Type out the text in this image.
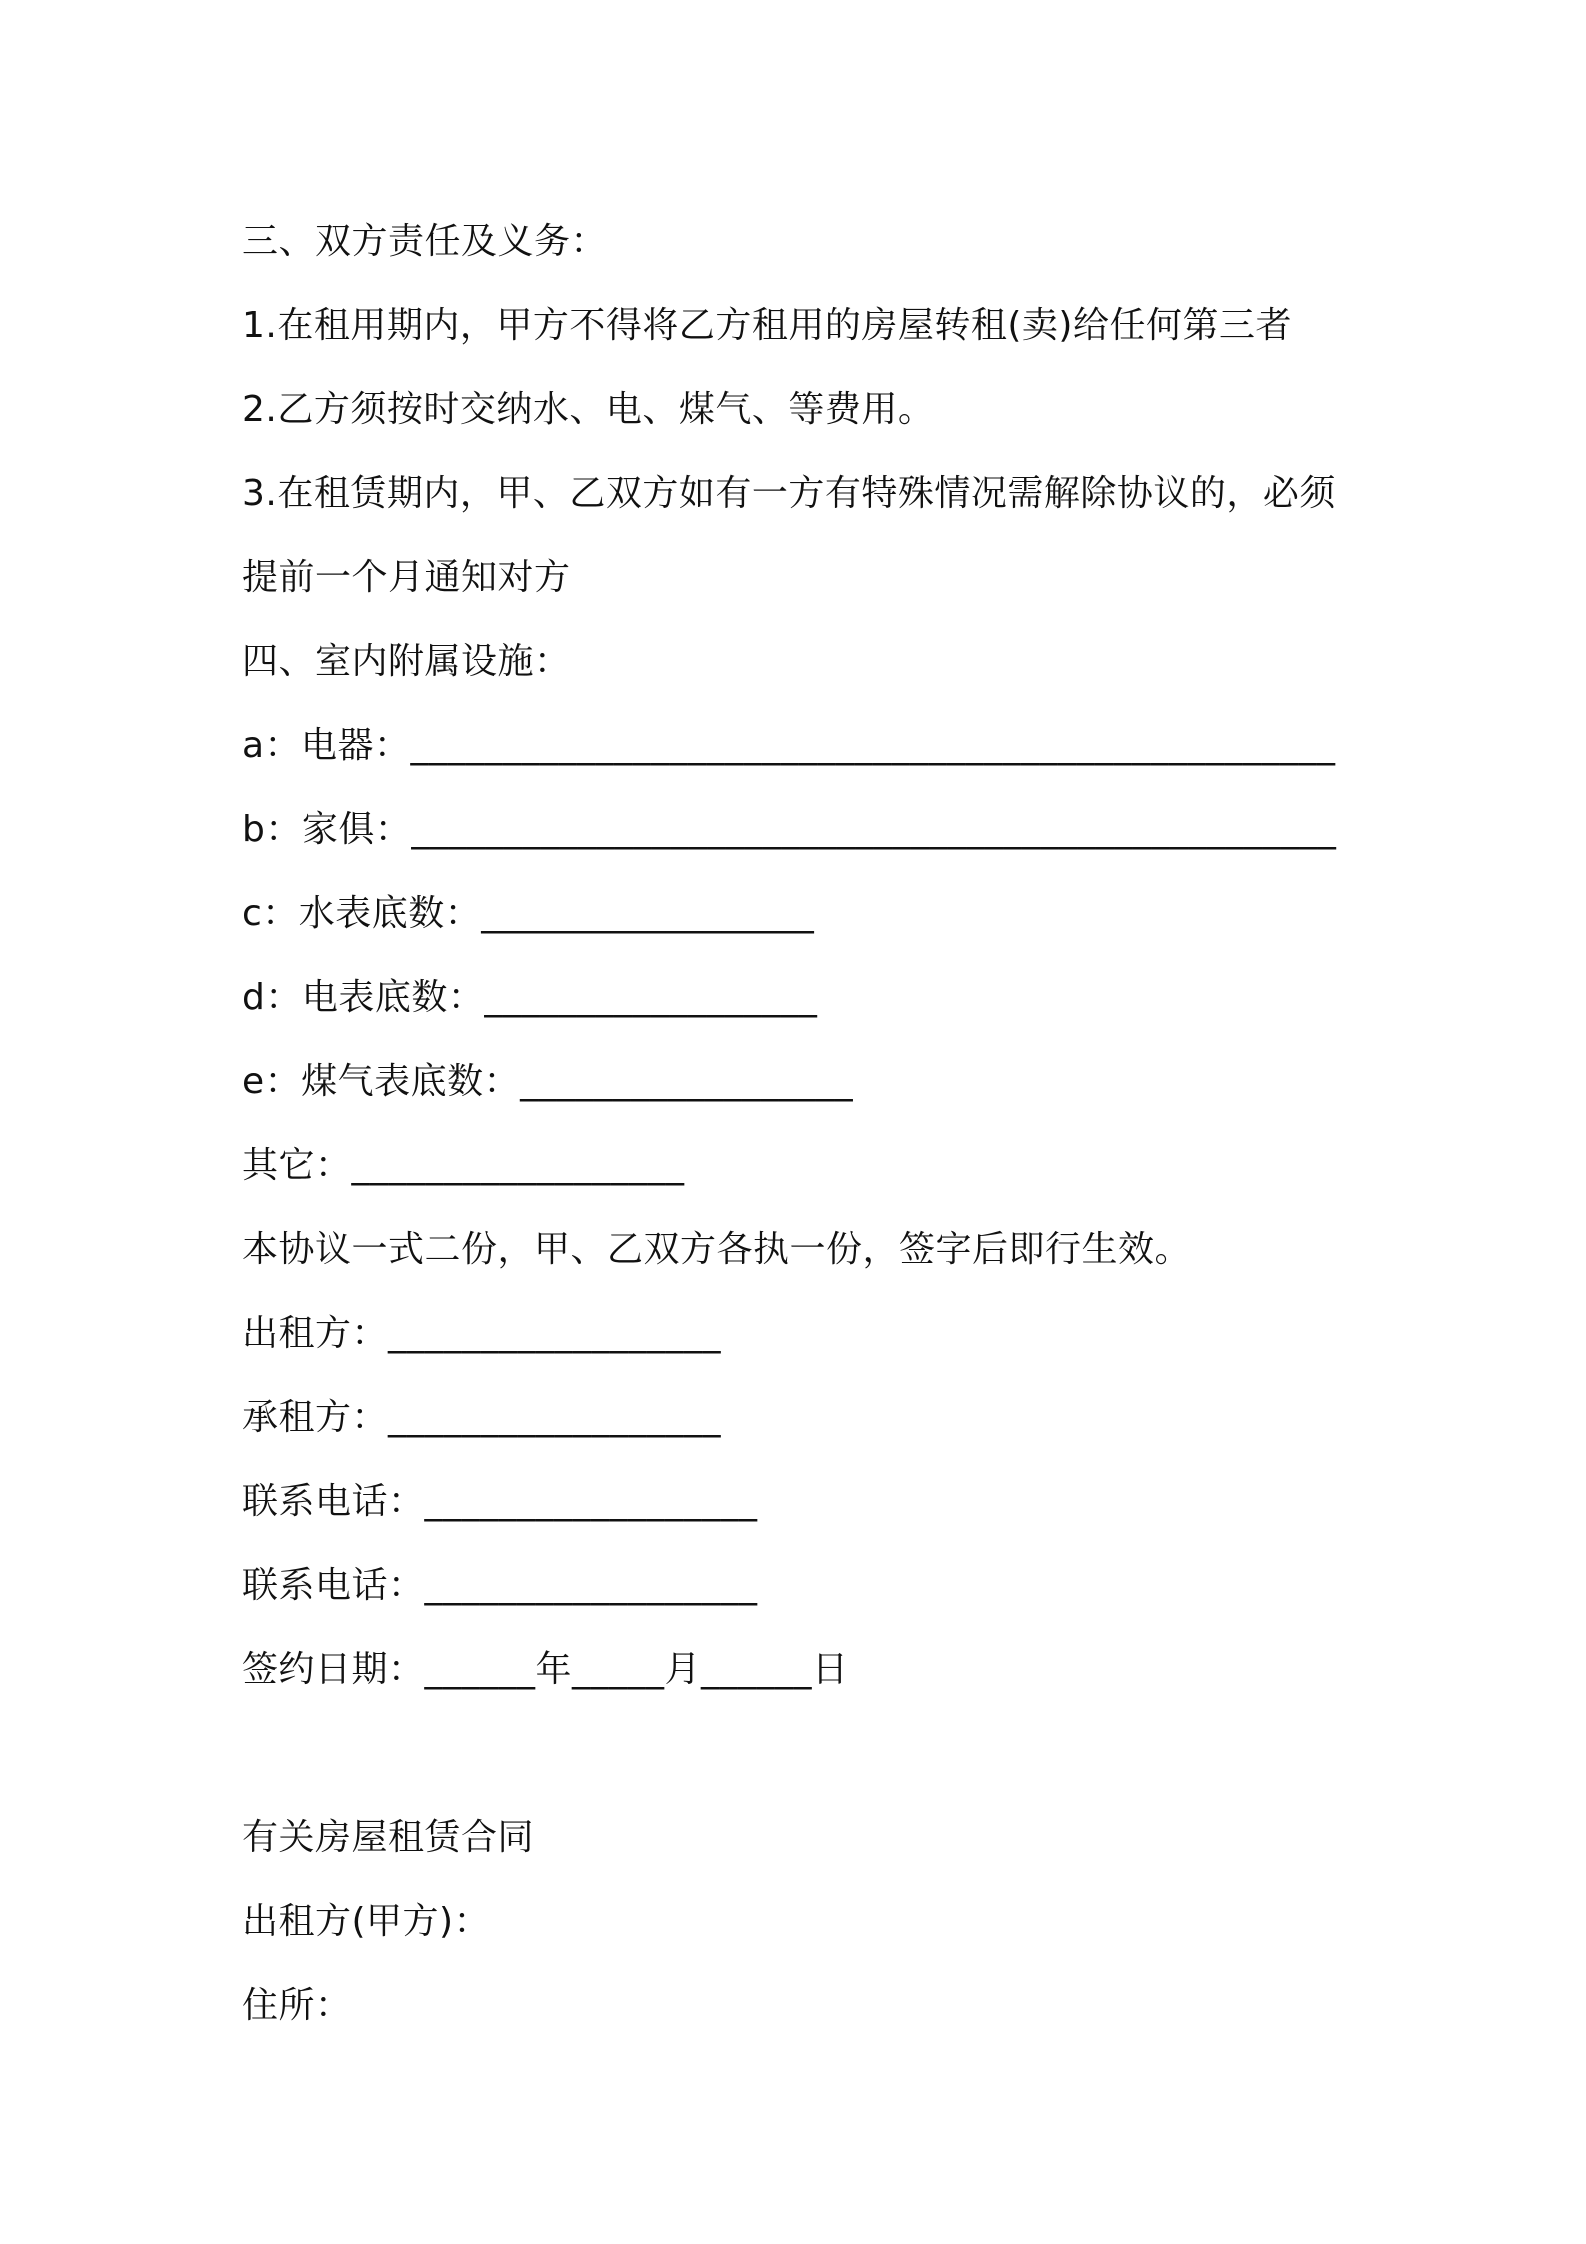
三、双方责任及义务：
1.在租用期内，甲方不得将乙方租用的房屋转租(卖)给任何第三者
2.乙方须按时交纳水、电、煤气、等费用。
3.在租赁期内，甲、乙双方如有一方有特殊情况需解除协议的，必须
提前一个月通知对方
四、室内附属设施：
a：电器：__________________________________________________
b：家俱：__________________________________________________
c：水表底数：__________________
d：电表底数：__________________
e：煤气表底数：__________________
其它：__________________
本协议一式二份，甲、乙双方各执一份，签字后即行生效。
出租方：__________________
承租方：__________________
联系电话：__________________
联系电话：__________________
签约日期：______年_____月______日
有关房屋租赁合同
出租方(甲方)：
住所：
